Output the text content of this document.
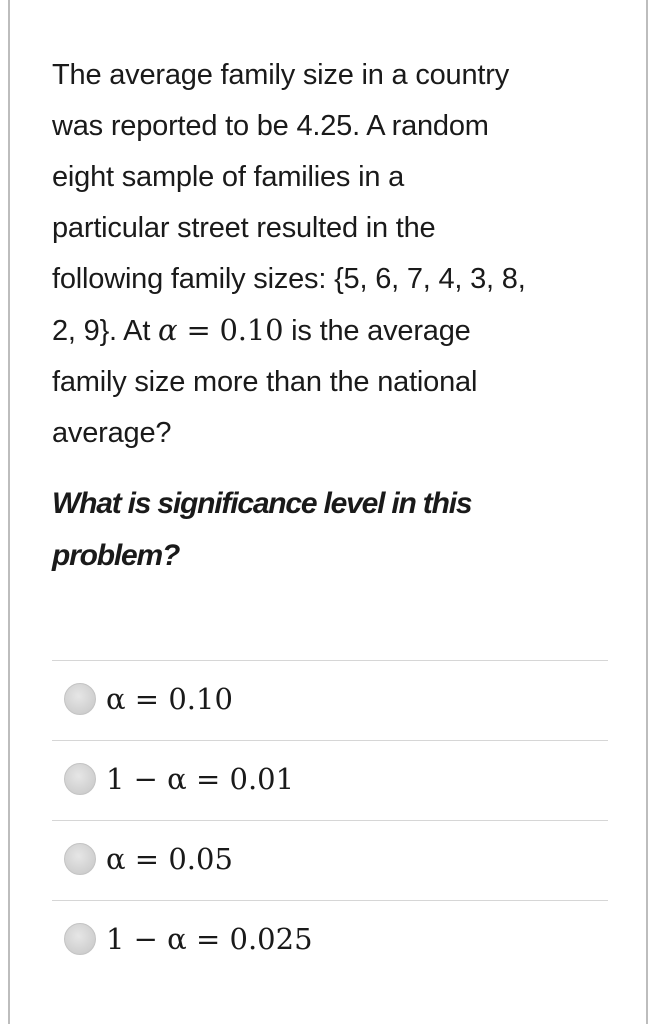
The average family size in a country
was reported to be 4.25. A random
eight sample of families in a
particular street resulted in the
following family sizes: {5, 6, 7, 4, 3, 8,
2, 9}. At α = 0.10 is the average
family size more than the national
average?
What is significance level in this
problem?
α = 0.10
1 − α = 0.01
α = 0.05
1 − α = 0.025
